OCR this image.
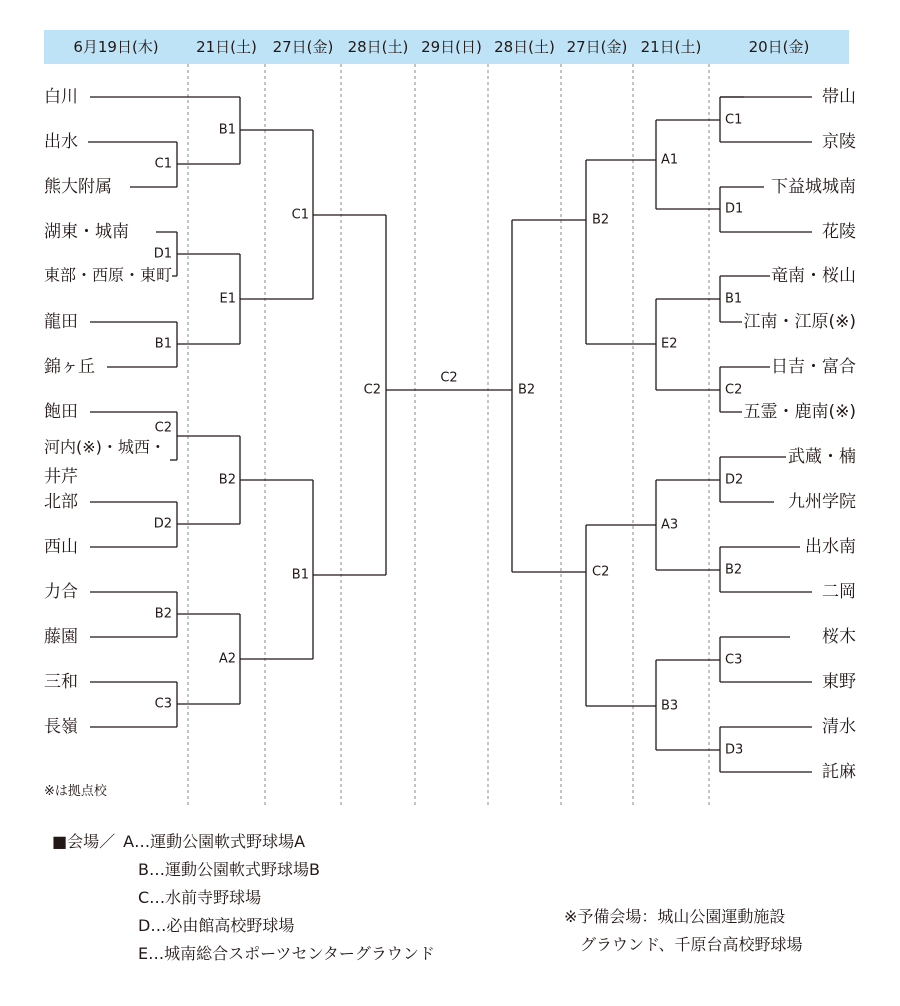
6月19日(木)	21日(土)	27日(金) 28日(土) 29日(日) 28日(土) 27日(金) 21日(土)	20日(金)
白川
出水
熊大附属
湖東・城南
東部・西原・東町
龍田
錦ヶ丘
飽田
河内(※)・城西・
井芹
北部
西山
力合
藤園
三和
長嶺
C1
D1
B1
C2
D2
B2
C3
B1
E1
B2
A2
C1
B1
C2
C2
帯山
京陵
下益城城南
花陵
竜南・桜山
江南・江原(※)
日吉・富合
五霊・鹿南(※)
武蔵・楠
九州学院
出水南
二岡
桜木
東野
清水
託麻
C1
D1
B1
C2
D2
B2
C3
D3
A1
E2
A3
B3
B2
C2
B2
※は拠点校
■会場／ A…運動公園軟式野球場A
B…運動公園軟式野球場B
C…水前寺野球場
D…必由館高校野球場
E…城南総合スポーツセンターグラウンド
※予備会場：城山公園運動施設
グラウンド、千原台高校野球場
